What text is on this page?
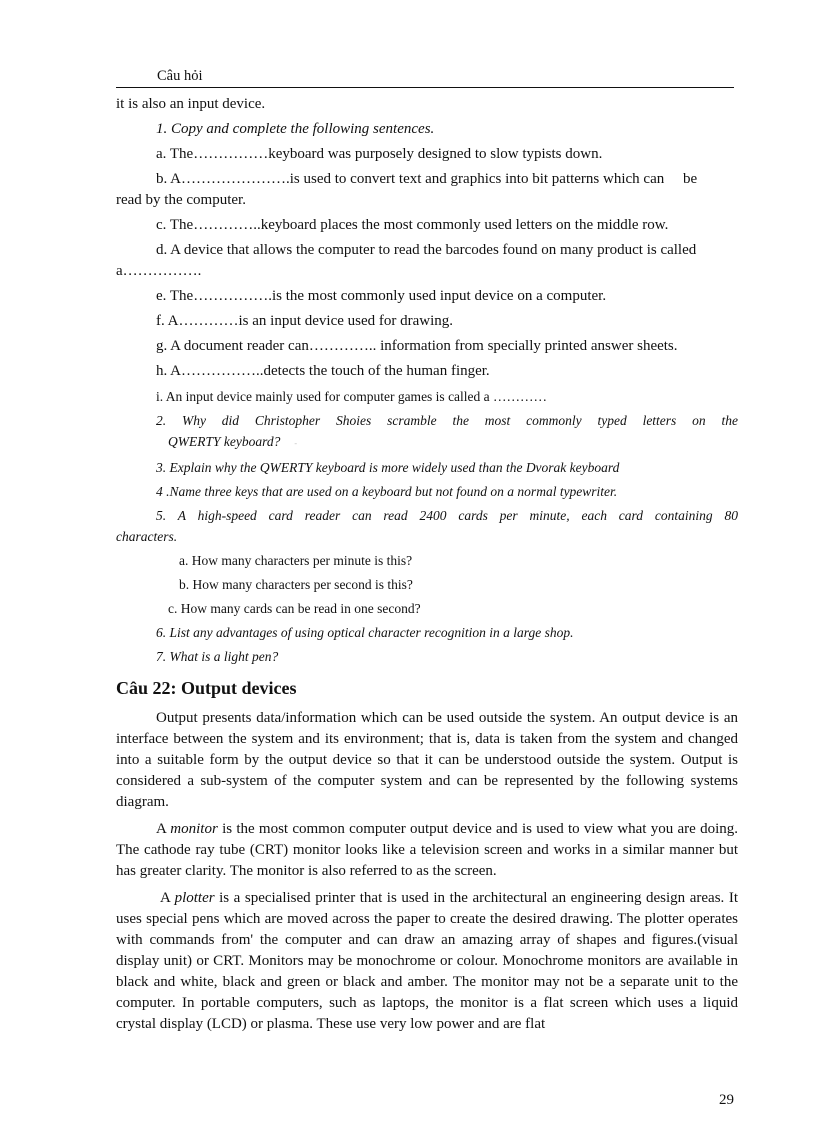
Câu hỏi

it is also an input device.

1. Copy and complete the following sentences.

a. The……………keyboard was purposely designed to slow typists down.

b. A………………….is used to convert text and graphics into bit patterns which can be

read by the computer.

c. The…………..keyboard places the most commonly used letters on the middle row.

d. A device that allows the computer to read the barcodes found on many product is called

a…………….

e. The…………….is the most commonly used input device on a computer.

f. A…………is an input device used for drawing.

g. A document reader can………….. information from specially printed answer sheets.

h. A……………..detects the touch of the human finger.

i. An input device mainly used for computer games is called a …………

2. Why did Christopher Shoies scramble the most commonly typed letters on the

QWERTY keyboard? -

3. Explain why the QWERTY keyboard is more widely used than the Dvorak keyboard

4 .Name three keys that are used on a keyboard but not found on a normal typewriter.

5. A high-speed card reader can read 2400 cards per minute, each card containing 80

characters.

a. How many characters per minute is this?

b. How many characters per second is this?

c. How many cards can be read in one second?

6. List any advantages of using optical character recognition in a large shop.

7. What is a light pen?

Câu 22: Output devices

Output presents data/information which can be used outside the system. An output device is an interface between the system and its environment; that is, data is taken from the system and changed into a suitable form by the output device so that it can be understood outside the system. Output is considered a sub-system of the computer system and can be represented by the following systems diagram.

A monitor is the most common computer output device and is used to view what you are doing. The cathode ray tube (CRT) monitor looks like a television screen and works in a similar manner but has greater clarity. The monitor is also referred to as the screen.

A plotter is a specialised printer that is used in the architectural an engineering design areas. It uses special pens which are moved across the paper to create the desired drawing. The plotter operates with commands from' the computer and can draw an amazing array of shapes and figures.(visual display unit) or CRT. Monitors may be monochrome or colour. Monochrome monitors are available in black and white, black and green or black and amber. The monitor may not be a separate unit to the computer. In portable computers, such as laptops, the monitor is a flat screen which uses a liquid crystal display (LCD) or plasma. These use very low power and are flat

29
